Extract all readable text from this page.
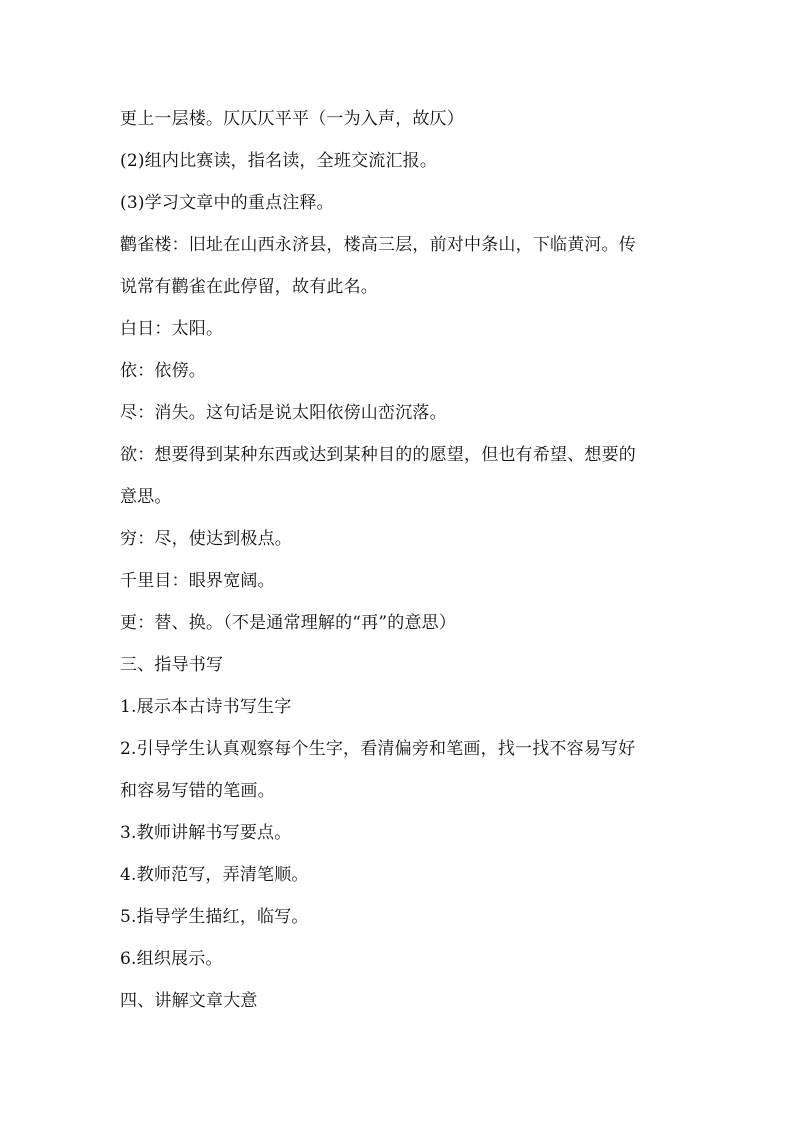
更上一层楼。仄仄仄平平（一为入声，故仄）
(2)组内比赛读，指名读，全班交流汇报。
(3)学习文章中的重点注释。
鹳雀楼：旧址在山西永济县，楼高三层，前对中条山，下临黄河。传
说常有鹳雀在此停留，故有此名。
白日：太阳。
依：依傍。
尽：消失。这句话是说太阳依傍山峦沉落。
欲：想要得到某种东西或达到某种目的的愿望，但也有希望、想要的
意思。
穷：尽，使达到极点。
千里目：眼界宽阔。
更：替、换。（不是通常理解的“再”的意思）
三、指导书写
1.展示本古诗书写生字
2.引导学生认真观察每个生字，看清偏旁和笔画，找一找不容易写好
和容易写错的笔画。
3.教师讲解书写要点。
4.教师范写，弄清笔顺。
5.指导学生描红，临写。
6.组织展示。
四、讲解文章大意
